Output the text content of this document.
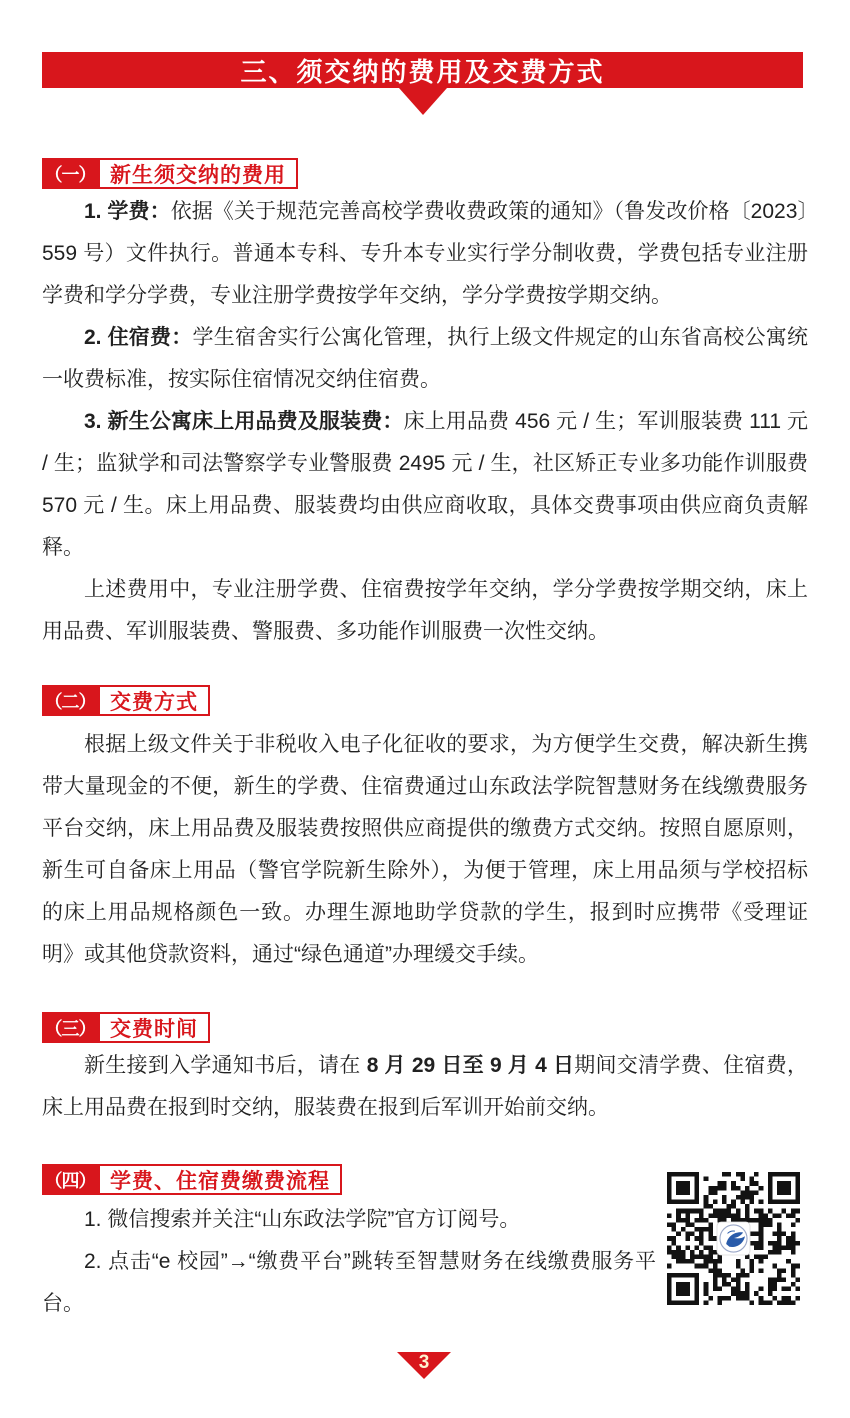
三、须交纳的费用及交费方式
（一） 新生须交纳的费用

1. 学费：依据《关于规范完善高校学费收费政策的通知》（鲁发改价格〔2023〕559 号）文件执行。普通本专科、专升本专业实行学分制收费，学费包括专业注册学费和学分学费，专业注册学费按学年交纳，学分学费按学期交纳。

2. 住宿费：学生宿舍实行公寓化管理，执行上级文件规定的山东省高校公寓统一收费标准，按实际住宿情况交纳住宿费。

3. 新生公寓床上用品费及服装费：床上用品费 456 元 / 生；军训服装费 111 元 / 生；监狱学和司法警察学专业警服费 2495 元 / 生，社区矫正专业多功能作训服费 570 元 / 生。床上用品费、服装费均由供应商收取，具体交费事项由供应商负责解释。

上述费用中，专业注册学费、住宿费按学年交纳，学分学费按学期交纳，床上用品费、军训服装费、警服费、多功能作训服费一次性交纳。

（二） 交费方式

根据上级文件关于非税收入电子化征收的要求，为方便学生交费，解决新生携带大量现金的不便，新生的学费、住宿费通过山东政法学院智慧财务在线缴费服务平台交纳，床上用品费及服装费按照供应商提供的缴费方式交纳。按照自愿原则，新生可自备床上用品（警官学院新生除外），为便于管理，床上用品须与学校招标的床上用品规格颜色一致。办理生源地助学贷款的学生，报到时应携带《受理证明》或其他贷款资料，通过“绿色通道”办理缓交手续。

（三） 交费时间

新生接到入学通知书后，请在 8 月 29 日至 9 月 4 日期间交清学费、住宿费，床上用品费在报到时交纳，服装费在报到后军训开始前交纳。

（四） 学费、住宿费缴费流程

1. 微信搜索并关注“山东政法学院”官方订阅号。

2. 点击“e 校园”→“缴费平台”跳转至智慧财务在线缴费服务平台。

3
